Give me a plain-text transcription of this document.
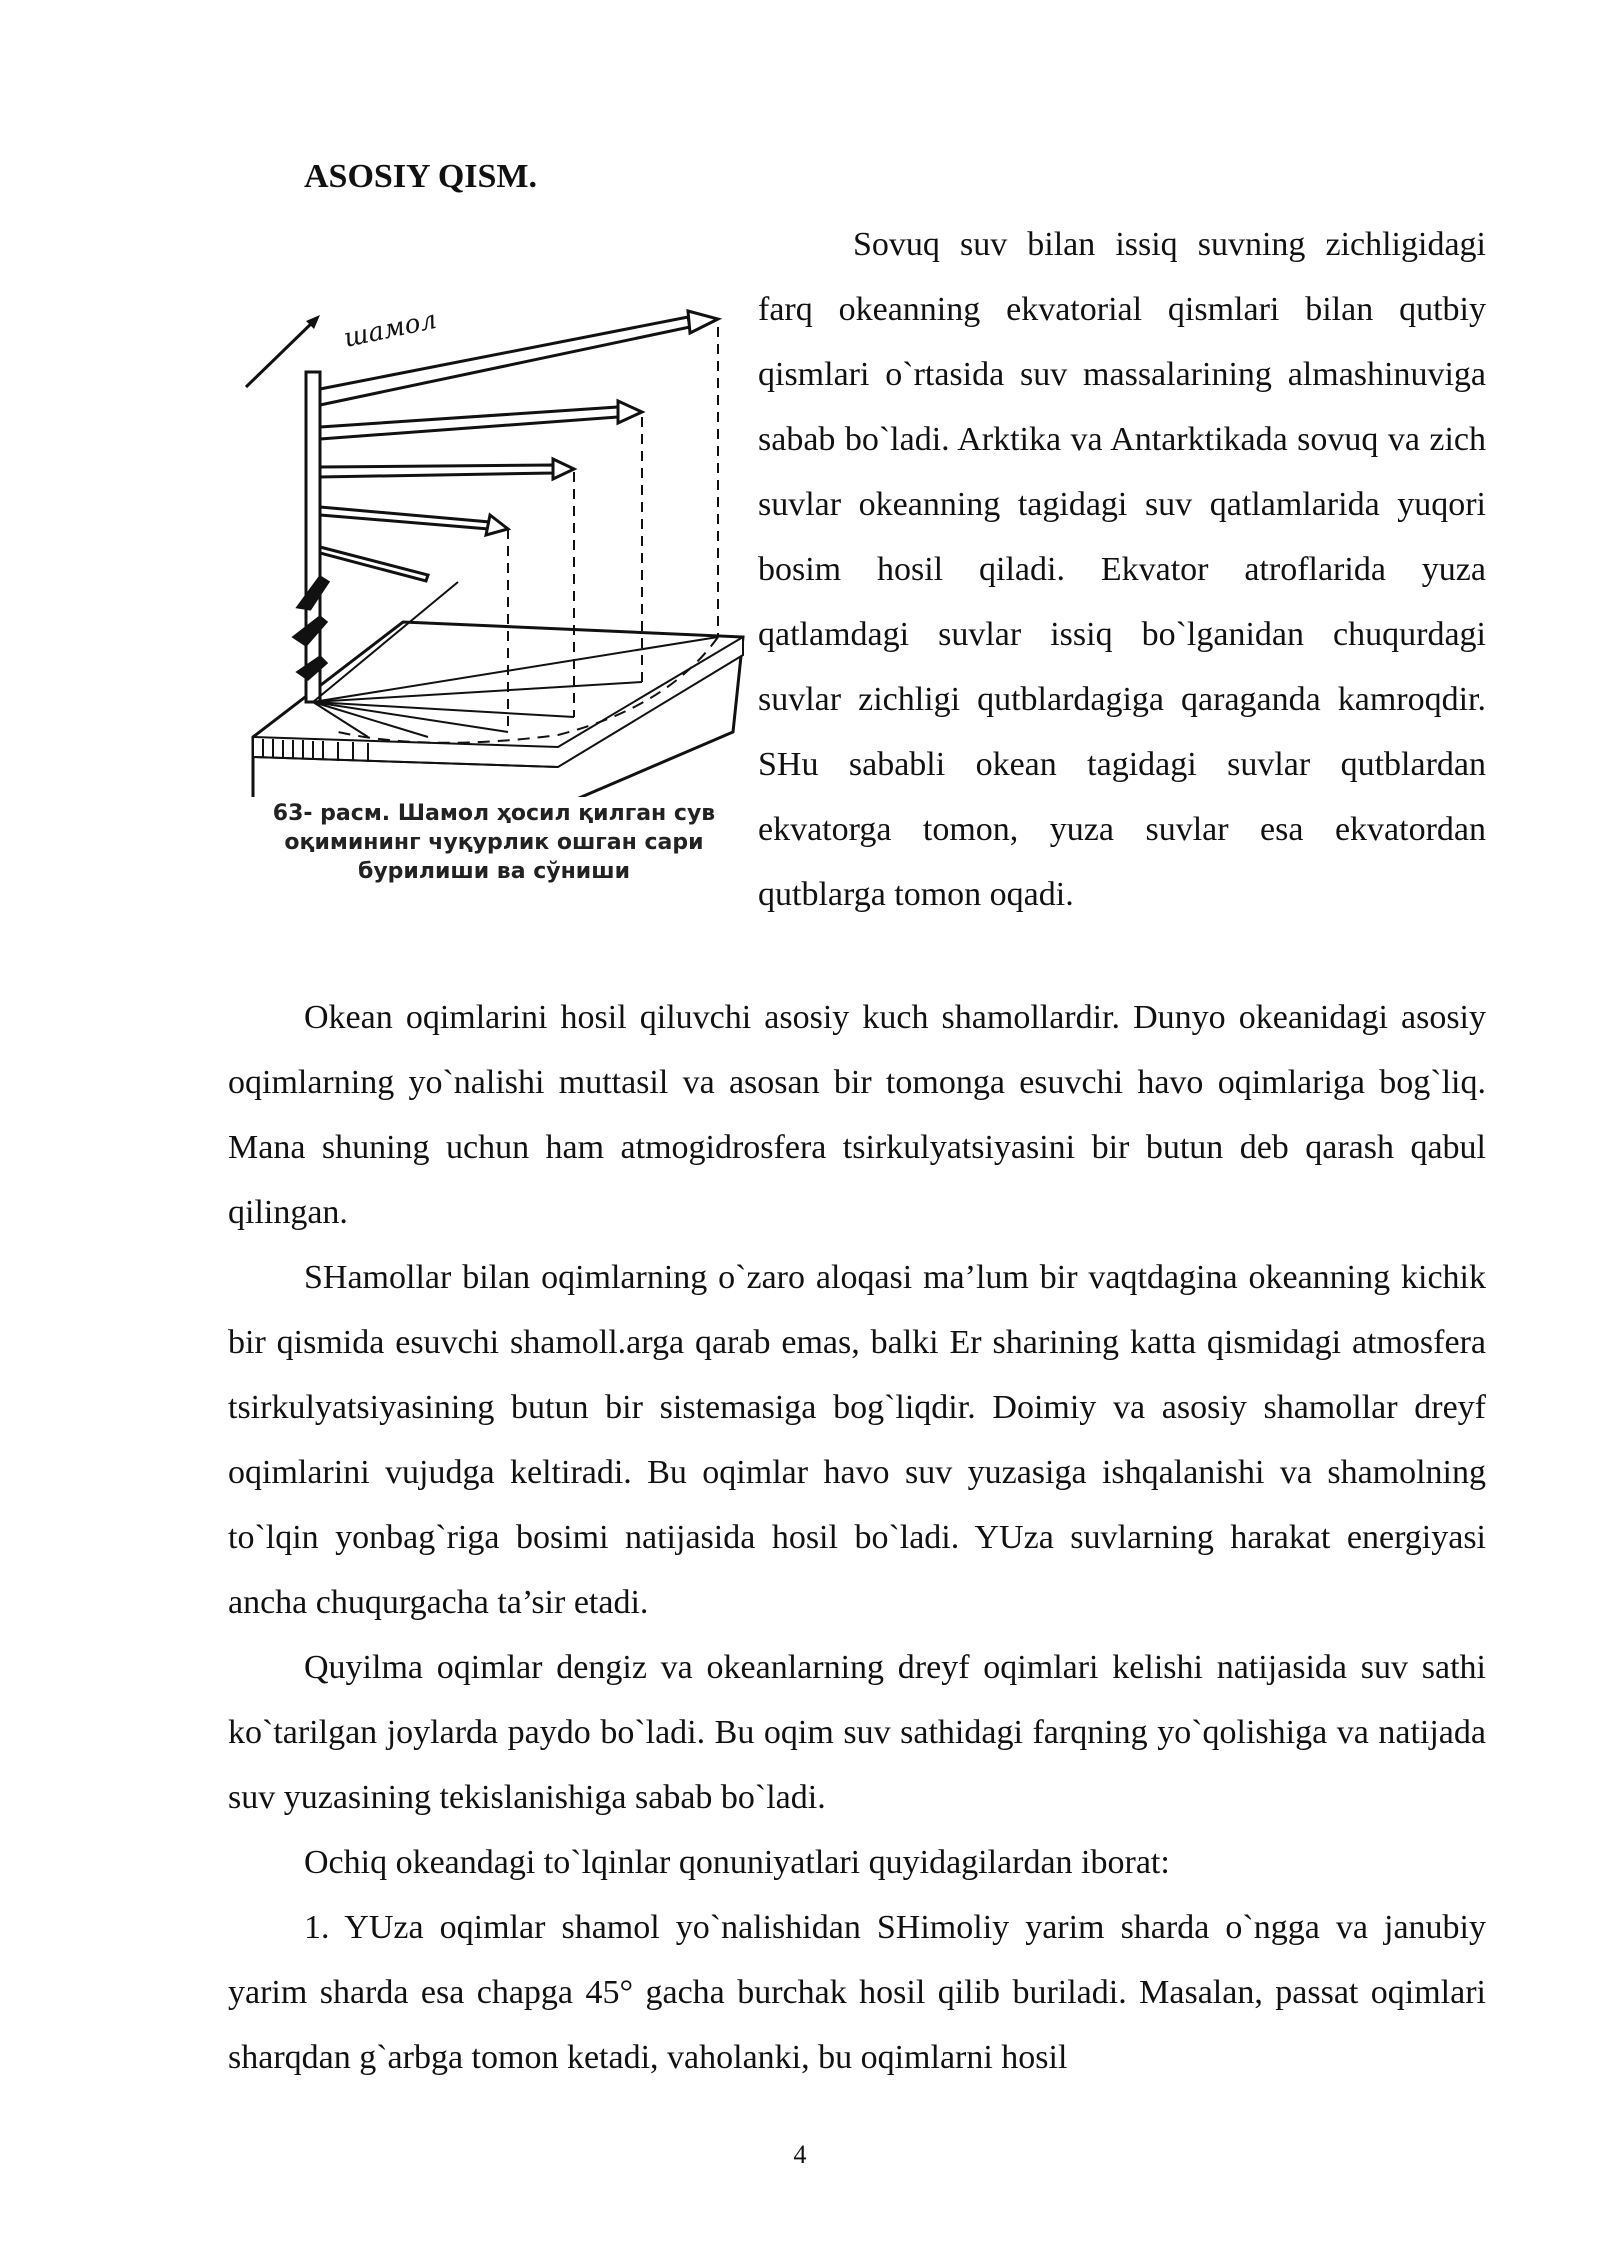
ASOSIY QISM.
шамол
63- расм. Шамол ҳосил қилган сув оқимининг чуқурлик ошган сари бурилиши ва сўниши
Sovuq suv bilan issiq suvning zichligidagi farq okeanning ekvatorial qismlari bilan qutbiy qismlari o`rtasida suv massalarining almashinuviga sabab bo`ladi. Arktika va Antarktikada sovuq va zich suvlar okeanning tagidagi suv qatlamlarida yuqori bosim hosil qiladi. Ekvator atroflarida yuza qatlamdagi suvlar issiq bo`lganidan chuqurdagi suvlar zichligi qutblardagiga qaraganda kamroqdir. SHu sababli okean tagidagi suvlar qutblardan ekvatorga tomon, yuza suvlar esa ekvatordan qutblarga tomon oqadi.

Okean oqimlarini hosil qiluvchi asosiy kuch shamollardir. Dunyo okeanidagi asosiy oqimlarning yo`nalishi muttasil va asosan bir tomonga esuvchi havo oqimlariga bog`liq. Mana shuning uchun ham atmogidrosfera tsirkulyatsiyasini bir butun deb qarash qabul qilingan.

SHamollar bilan oqimlarning o`zaro aloqasi ma’lum bir vaqtdagina okeanning kichik bir qismida esuvchi shamoll.arga qarab emas, balki Er sharining katta qismidagi atmosfera tsirkulyatsiyasining butun bir sistemasiga bog`liqdir. Doimiy va asosiy shamollar dreyf oqimlarini vujudga keltiradi. Bu oqimlar havo suv yuzasiga ishqalanishi va shamolning to`lqin yonbag`riga bosimi natijasida hosil bo`ladi. YUza suvlarning harakat energiyasi ancha chuqurgacha ta’sir etadi.

Quyilma oqimlar dengiz va okeanlarning dreyf oqimlari kelishi natijasida suv sathi ko`tarilgan joylarda paydo bo`ladi. Bu oqim suv sathidagi farqning yo`qolishiga va natijada suv yuzasining tekislanishiga sabab bo`ladi.

Ochiq okeandagi to`lqinlar qonuniyatlari quyidagilardan iborat:

1. YUza oqimlar shamol yo`nalishidan SHimoliy yarim sharda o`ngga va janubiy yarim sharda esa chapga 45° gacha burchak hosil qilib buriladi. Masalan, passat oqimlari sharqdan g`arbga tomon ketadi, vaholanki, bu oqimlarni hosil

4
